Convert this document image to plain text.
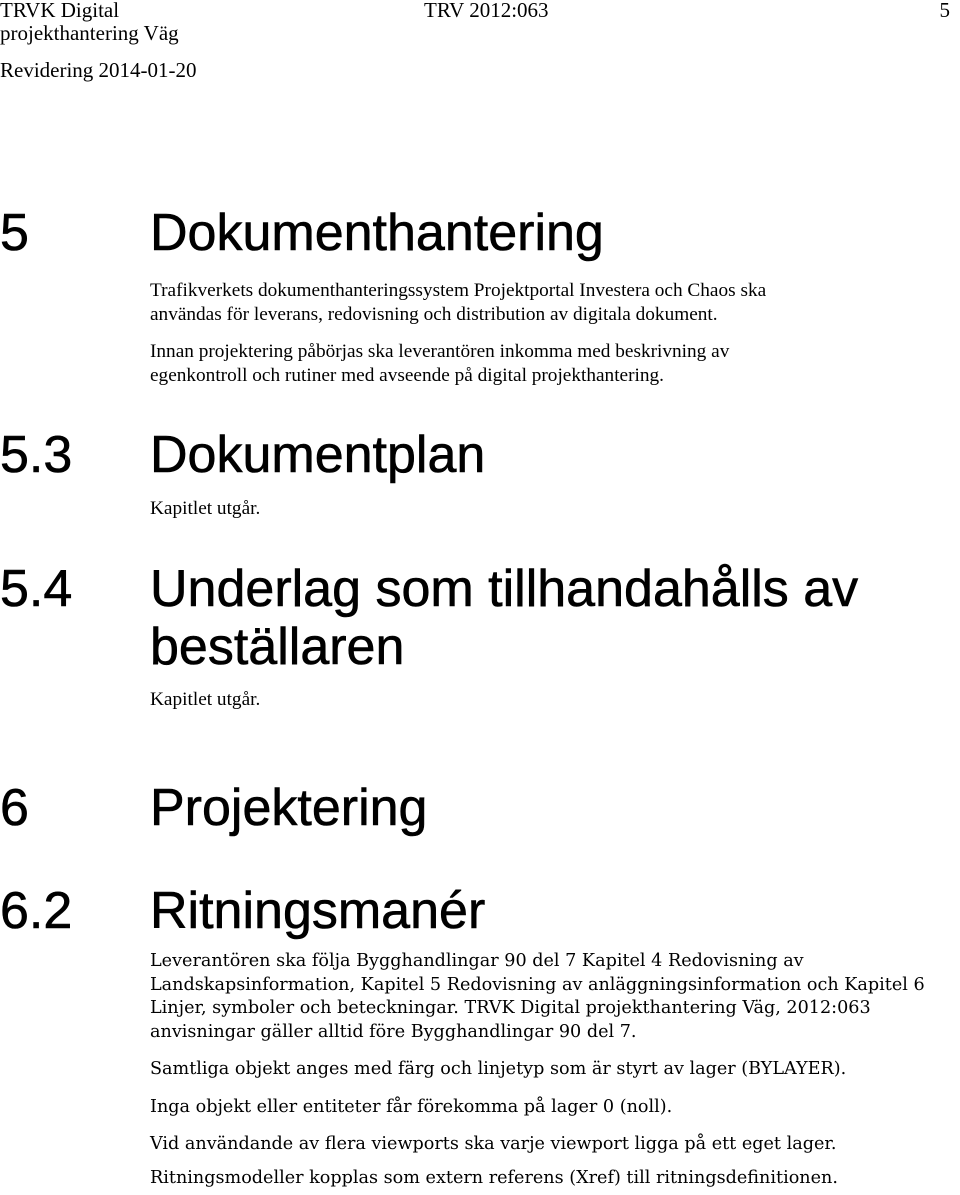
TRVK Digital
projekthantering Väg
Revidering 2014-01-20
TRV 2012:063	5
5 Dokumenthantering
Trafikverkets dokumenthanteringssystem Projektportal Investera och Chaos ska
användas för leverans, redovisning och distribution av digitala dokument.
Innan projektering påbörjas ska leverantören inkomma med beskrivning av
egenkontroll och rutiner med avseende på digital projekthantering.
5.3 Dokumentplan
Kapitlet utgår.
5.4 Underlag som tillhandahålls av
beställaren
Kapitlet utgår.
6 Projektering
6.2 Ritningsmanér
Leverantören ska följa Bygghandlingar 90 del 7 Kapitel 4 Redovisning av
Landskapsinformation, Kapitel 5 Redovisning av anläggningsinformation och Kapitel 6
Linjer, symboler och beteckningar. TRVK Digital projekthantering Väg, 2012:063
anvisningar gäller alltid före Bygghandlingar 90 del 7.
Samtliga objekt anges med färg och linjetyp som är styrt av lager (BYLAYER).
Inga objekt eller entiteter får förekomma på lager 0 (noll).
Vid användande av flera viewports ska varje viewport ligga på ett eget lager.
Ritningsmodeller kopplas som extern referens (Xref) till ritningsdefinitionen.
